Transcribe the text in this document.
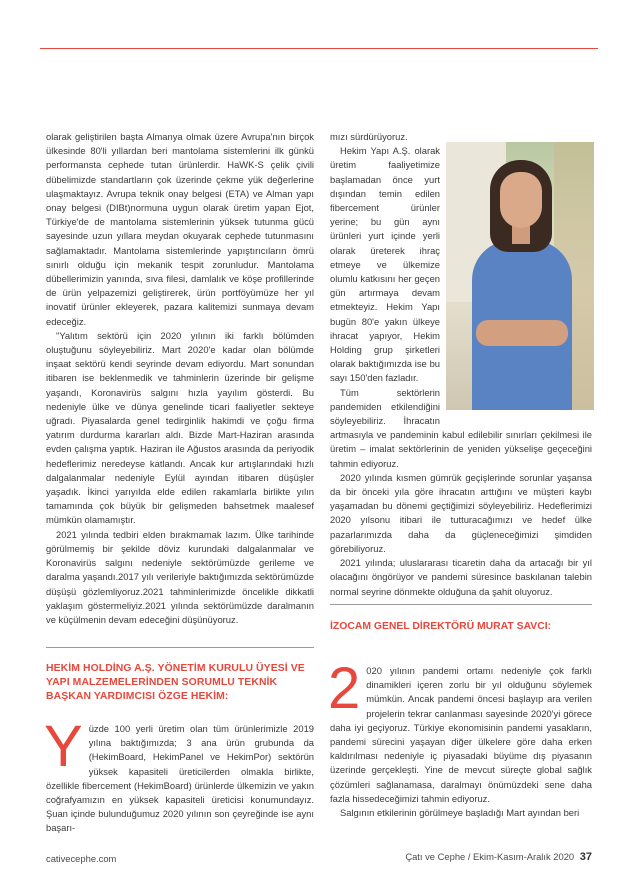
olarak geliştirilen başta Almanya olmak üzere Avrupa'nın birçok ülkesinde 80'li yıllardan beri mantolama sistemlerini ilk günkü performansta cephede tutan ürünlerdir. HaWK-S çelik çivili dübelimizde standartların çok üzerinde çekme yük değerlerine ulaşmaktayız. Avrupa teknik onay belgesi (ETA) ve Alman yapı onay belgesi (DIBt)normuna uygun olarak üretim yapan Ejot, Türkiye'de de mantolama sistemlerinin yüksek tutunma gücü sayesinde uzun yıllara meydan okuyarak cephede tutunmasını sağlamaktadır. Mantolama sistemlerinde yapıştırıcıların ömrü sınırlı olduğu için mekanik tespit zorunludur. Mantolama dübellerimizin yanında, sıva filesi, damlalık ve köşe profillerinde de ürün yelpazemizi geliştirerek, ürün portföyümüze her yıl inovatif ürünler ekleyerek, pazara kalitemizi sunmaya devam edeceğiz.

"Yalıtım sektörü için 2020 yılının iki farklı bölümden oluştuğunu söyleyebiliriz. Mart 2020'e kadar olan bölümde inşaat sektörü kendi seyrinde devam ediyordu. Mart sonundan itibaren ise beklenmedik ve tahminlerin üzerinde bir gelişme yaşandı, Koronavirüs salgını hızla yayılım gösterdi. Bu nedeniyle ülke ve dünya genelinde ticari faaliyetler sekteye uğradı. Piyasalarda genel tedirginlik hakimdi ve çoğu firma yatırım durdurma kararları aldı. Bizde Mart-Haziran arasında evden çalışma yaptık. Haziran ile Ağustos arasında da periyodik hedeflerimiz neredeyse katlandı. Ancak kur artışlarındaki hızlı dalgalanmalar nedeniyle Eylül ayından itibaren düşüşler yaşadık. İkinci yarıyılda elde edilen rakamlarla birlikte yılın tamamında çok büyük bir gelişmeden bahsetmek maalesef mümkün olamamıştır.

2021 yılında tedbiri elden bırakmamak lazım. Ülke tarihinde görülmemiş bir şekilde döviz kurundaki dalgalanmalar ve Koronavirüs salgını nedeniyle sektörümüzde gerileme ve daralma yaşandı.2017 yılı verileriyle baktığımızda sektörümüzde düşüşü gözlemliyoruz.2021 tahminlerimizde öncelikle dikkatli yaklaşım göstermeliyiz.2021 yılında sektörümüzde daralmanın ve küçülmenin devam edeceğini düşünüyoruz.

mızı sürdürüyoruz.

Hekim Yapı A.Ş. olarak üretim faaliyetimize başlamadan önce yurt dışından temin edilen fibercement ürünler yerine; bu gün aynı ürünleri yurt içinde yerli olarak üreterek ihraç etmeye ve ülkemize olumlu katkısını her geçen gün artırmaya devam etmekteyiz. Hekim Yapı bugün 80'e yakın ülkeye ihracat yapıyor, Hekim Holding grup şirketleri olarak baktığımızda ise bu sayı 150'den fazladır.

Tüm sektörlerin pandemiden etkilendiğini söyleyebiliriz. İhracatın artmasıyla ve pandeminin kabul edilebilir sınırları çekilmesi ile üretim – imalat sektörlerinin de yeniden yükselişe geçeceğini tahmin ediyoruz.

2020 yılında kısmen gümrük geçişlerinde sorunlar yaşansa da bir önceki yıla göre ihracatın arttığını ve müşteri kaybı yaşamadan bu dönemi geçtiğimizi söyleyebiliriz. Hedeflerimizi 2020 yılsonu itibari ile tutturacağımızı ve hedef ülke pazarlarımızda daha da güçleneceğimizi şimdiden görebiliyoruz.

2021 yılında; uluslararası ticaretin daha da artacağı bir yıl olacağını öngörüyor ve pandemi süresince baskılanan talebin normal seyrine dönmekte olduğuna da şahit oluyoruz.

HEKİM HOLDİNG A.Ş. YÖNETİM KURULU ÜYESİ VE YAPI MALZEMELERİNDEN SORUMLU TEKNİK BAŞKAN YARDIMCISI ÖZGE HEKİM:
İZOCAM GENEL DİREKTÖRÜ MURAT SAVCI:
Y üzde 100 yerli üretim olan tüm ürünlerimizle 2019 yılına baktığımızda; 3 ana ürün grubunda da (HekimBoard, HekimPanel ve HekimPor) sektörün yüksek kapasiteli üreticilerden olmakla birlikte, özellikle fibercement (HekimBoard) ürünlerde ülkemizin ve yakın coğrafyamızın en yüksek kapasiteli üreticisi konumundayız. Şuan içinde bulunduğumuz 2020 yılının son çeyreğinde ise aynı başarı-

2 020 yılının pandemi ortamı nedeniyle çok farklı dinamikleri içeren zorlu bir yıl olduğunu söylemek mümkün. Ancak pandemi öncesi başlayıp ara verilen projelerin tekrar canlanması sayesinde 2020'yi görece daha iyi geçiyoruz. Türkiye ekonomisinin pandemi yasakların, pandemi sürecini yaşayan diğer ülkelere göre daha erken kaldırılması nedeniyle iç piyasadaki büyüme dış piyasanın üzerinde gerçekleşti. Yine de mevcut süreçte global sağlık çözümleri sağlanamasa, daralmayı önümüzdeki sene daha fazla hissedeceğimizi tahmin ediyoruz.

Salgının etkilerinin görülmeye başladığı Mart ayından beri

cativecephe.com	Çatı ve Cephe / Ekim-Kasım-Aralık 2020 37
